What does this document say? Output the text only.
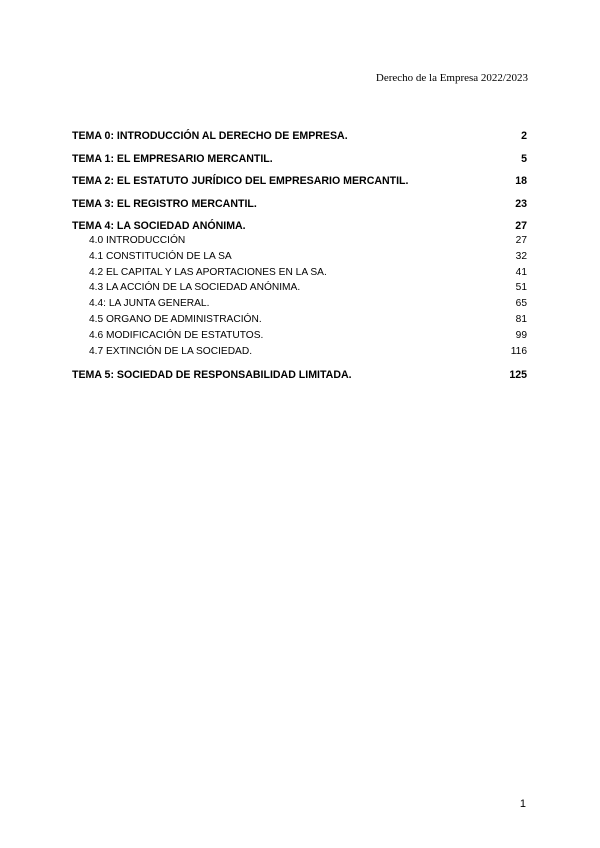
Derecho de la Empresa 2022/2023
TEMA 0: INTRODUCCIÓN AL DERECHO DE EMPRESA.	2
TEMA 1: EL EMPRESARIO MERCANTIL.	5
TEMA 2: EL ESTATUTO JURÍDICO DEL EMPRESARIO MERCANTIL.	18
TEMA 3: EL REGISTRO MERCANTIL.	23
TEMA 4: LA SOCIEDAD ANÓNIMA.	27
4.0 INTRODUCCIÓN	27
4.1 CONSTITUCIÓN DE LA SA	32
4.2 EL CAPITAL Y LAS APORTACIONES EN LA SA.	41
4.3 LA ACCIÓN DE LA SOCIEDAD ANÓNIMA.	51
4.4: LA JUNTA GENERAL.	65
4.5 ORGANO DE ADMINISTRACIÓN.	81
4.6 MODIFICACIÓN DE ESTATUTOS.	99
4.7 EXTINCIÓN DE LA SOCIEDAD.	116
TEMA 5: SOCIEDAD DE RESPONSABILIDAD LIMITADA.	125
1
